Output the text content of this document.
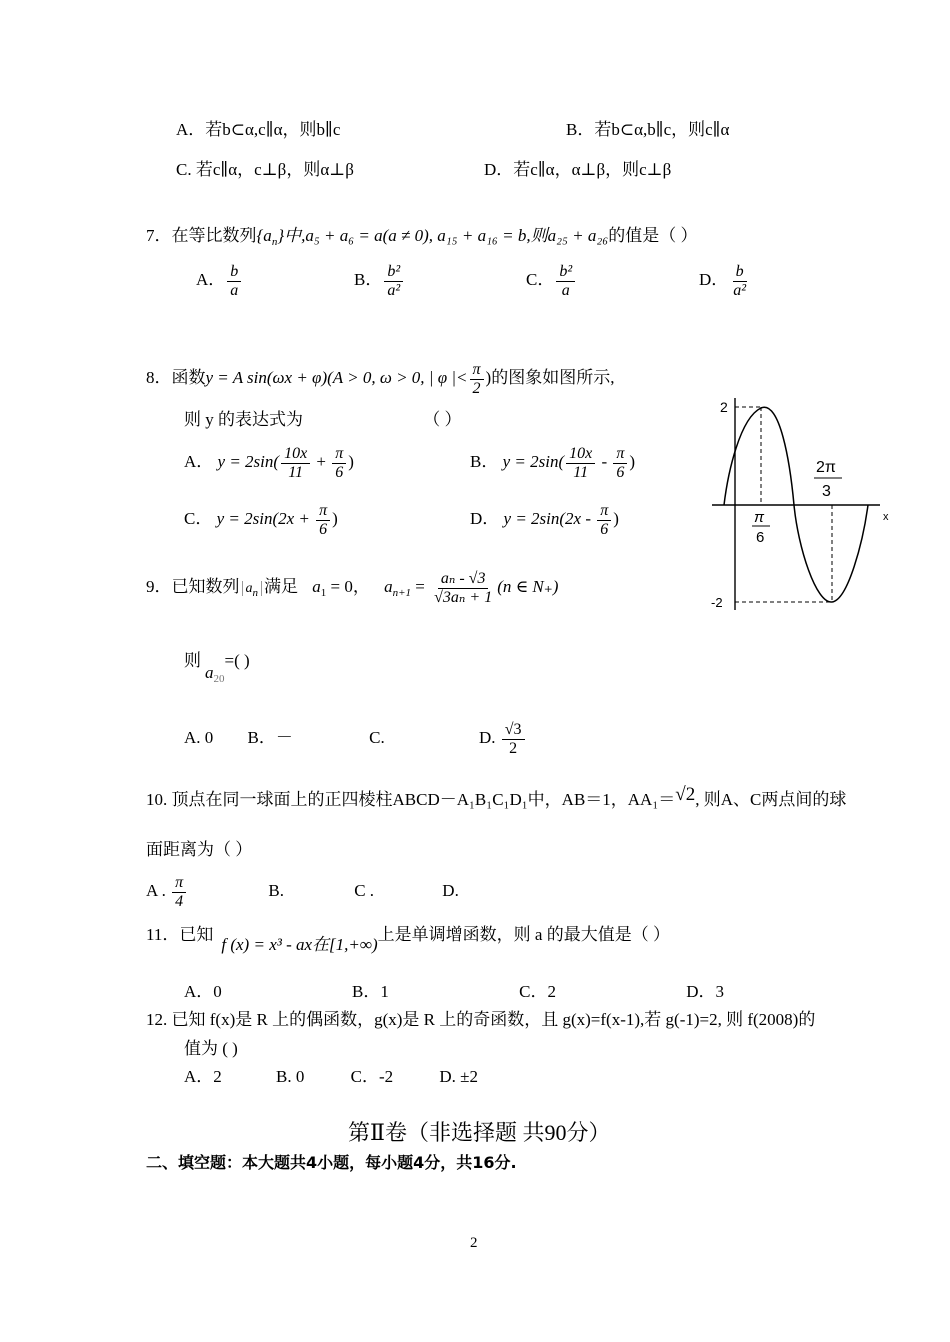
A．若b⊂α,c∥α，则b∥c	B．若b⊂α,b∥c，则c∥α
C. 若c∥α，c⊥β，则α⊥β	D．若c∥α，α⊥β，则c⊥β
7．在等比数列$\{a_n\}$中,a₅ + a₆ = a(a ≠ 0), a₁₅ + a₁₆ = b,则a₂₅ + a₂₆的值是（ ）
A． $\frac{b}{a}$	B． $\frac{\text{b²}}{\text{a²}}$	C． $\frac{\text{b²}}{a}$	D． $\frac{b}{\text{a²}}$
8．函数y = A sin(ωx + φ)(A > 0, ω > 0, | φ |< $\frac{\pi}{2}$ )的图象如图所示,
则 y 的表达式为	（ ）
A． $y = 2\sin( \frac{10x}{11} + \frac{\pi}{6}$ )	B． $y = 2\sin( \frac{10x}{11} - \frac{\pi}{6}$ )
C． $y = 2\sin(2x + \frac{\pi}{6}$ )	D． $y = 2\sin(2x - \frac{\pi}{6}$ )	x
2
-2
π
6
2π
3
9．已知数列 $a_n$ 满足 $a_1 = 0$， $a_{n+1} = \frac{\text{aₙ - √3}}{\text{√3aₙ + 1}} (n$ ∈ N₊)
则$a_{20}=$( )
A. 0 B．－	C.	D. $\frac{√3}{2}$
10. 顶点在同一球面上的正四棱柱ABCD－A₁B₁C₁D₁中，AB＝1，AA₁＝√2, 则A、C两点间的球
面距离为（ ）
A . $\frac{\pi}{4}$	B.	C .	D.
11．已知f (x) = x³ - ax在[1,+∞)上是单调增函数，则 a 的最大值是（ ）
A．0	B．1	C．2	D．3
12. 已知 f(x)是 R 上的偶函数，g(x)是 R 上的奇函数，且 g(x)=f(x-1),若 g(-1)=2, 则 f(2008)的
值为 ( )
A．2	B. 0	C．-2	D. ±2
第Ⅱ卷（非选择题 共90分）
二、填空题：本大题共4小题，每小题4分，共16分.
2
